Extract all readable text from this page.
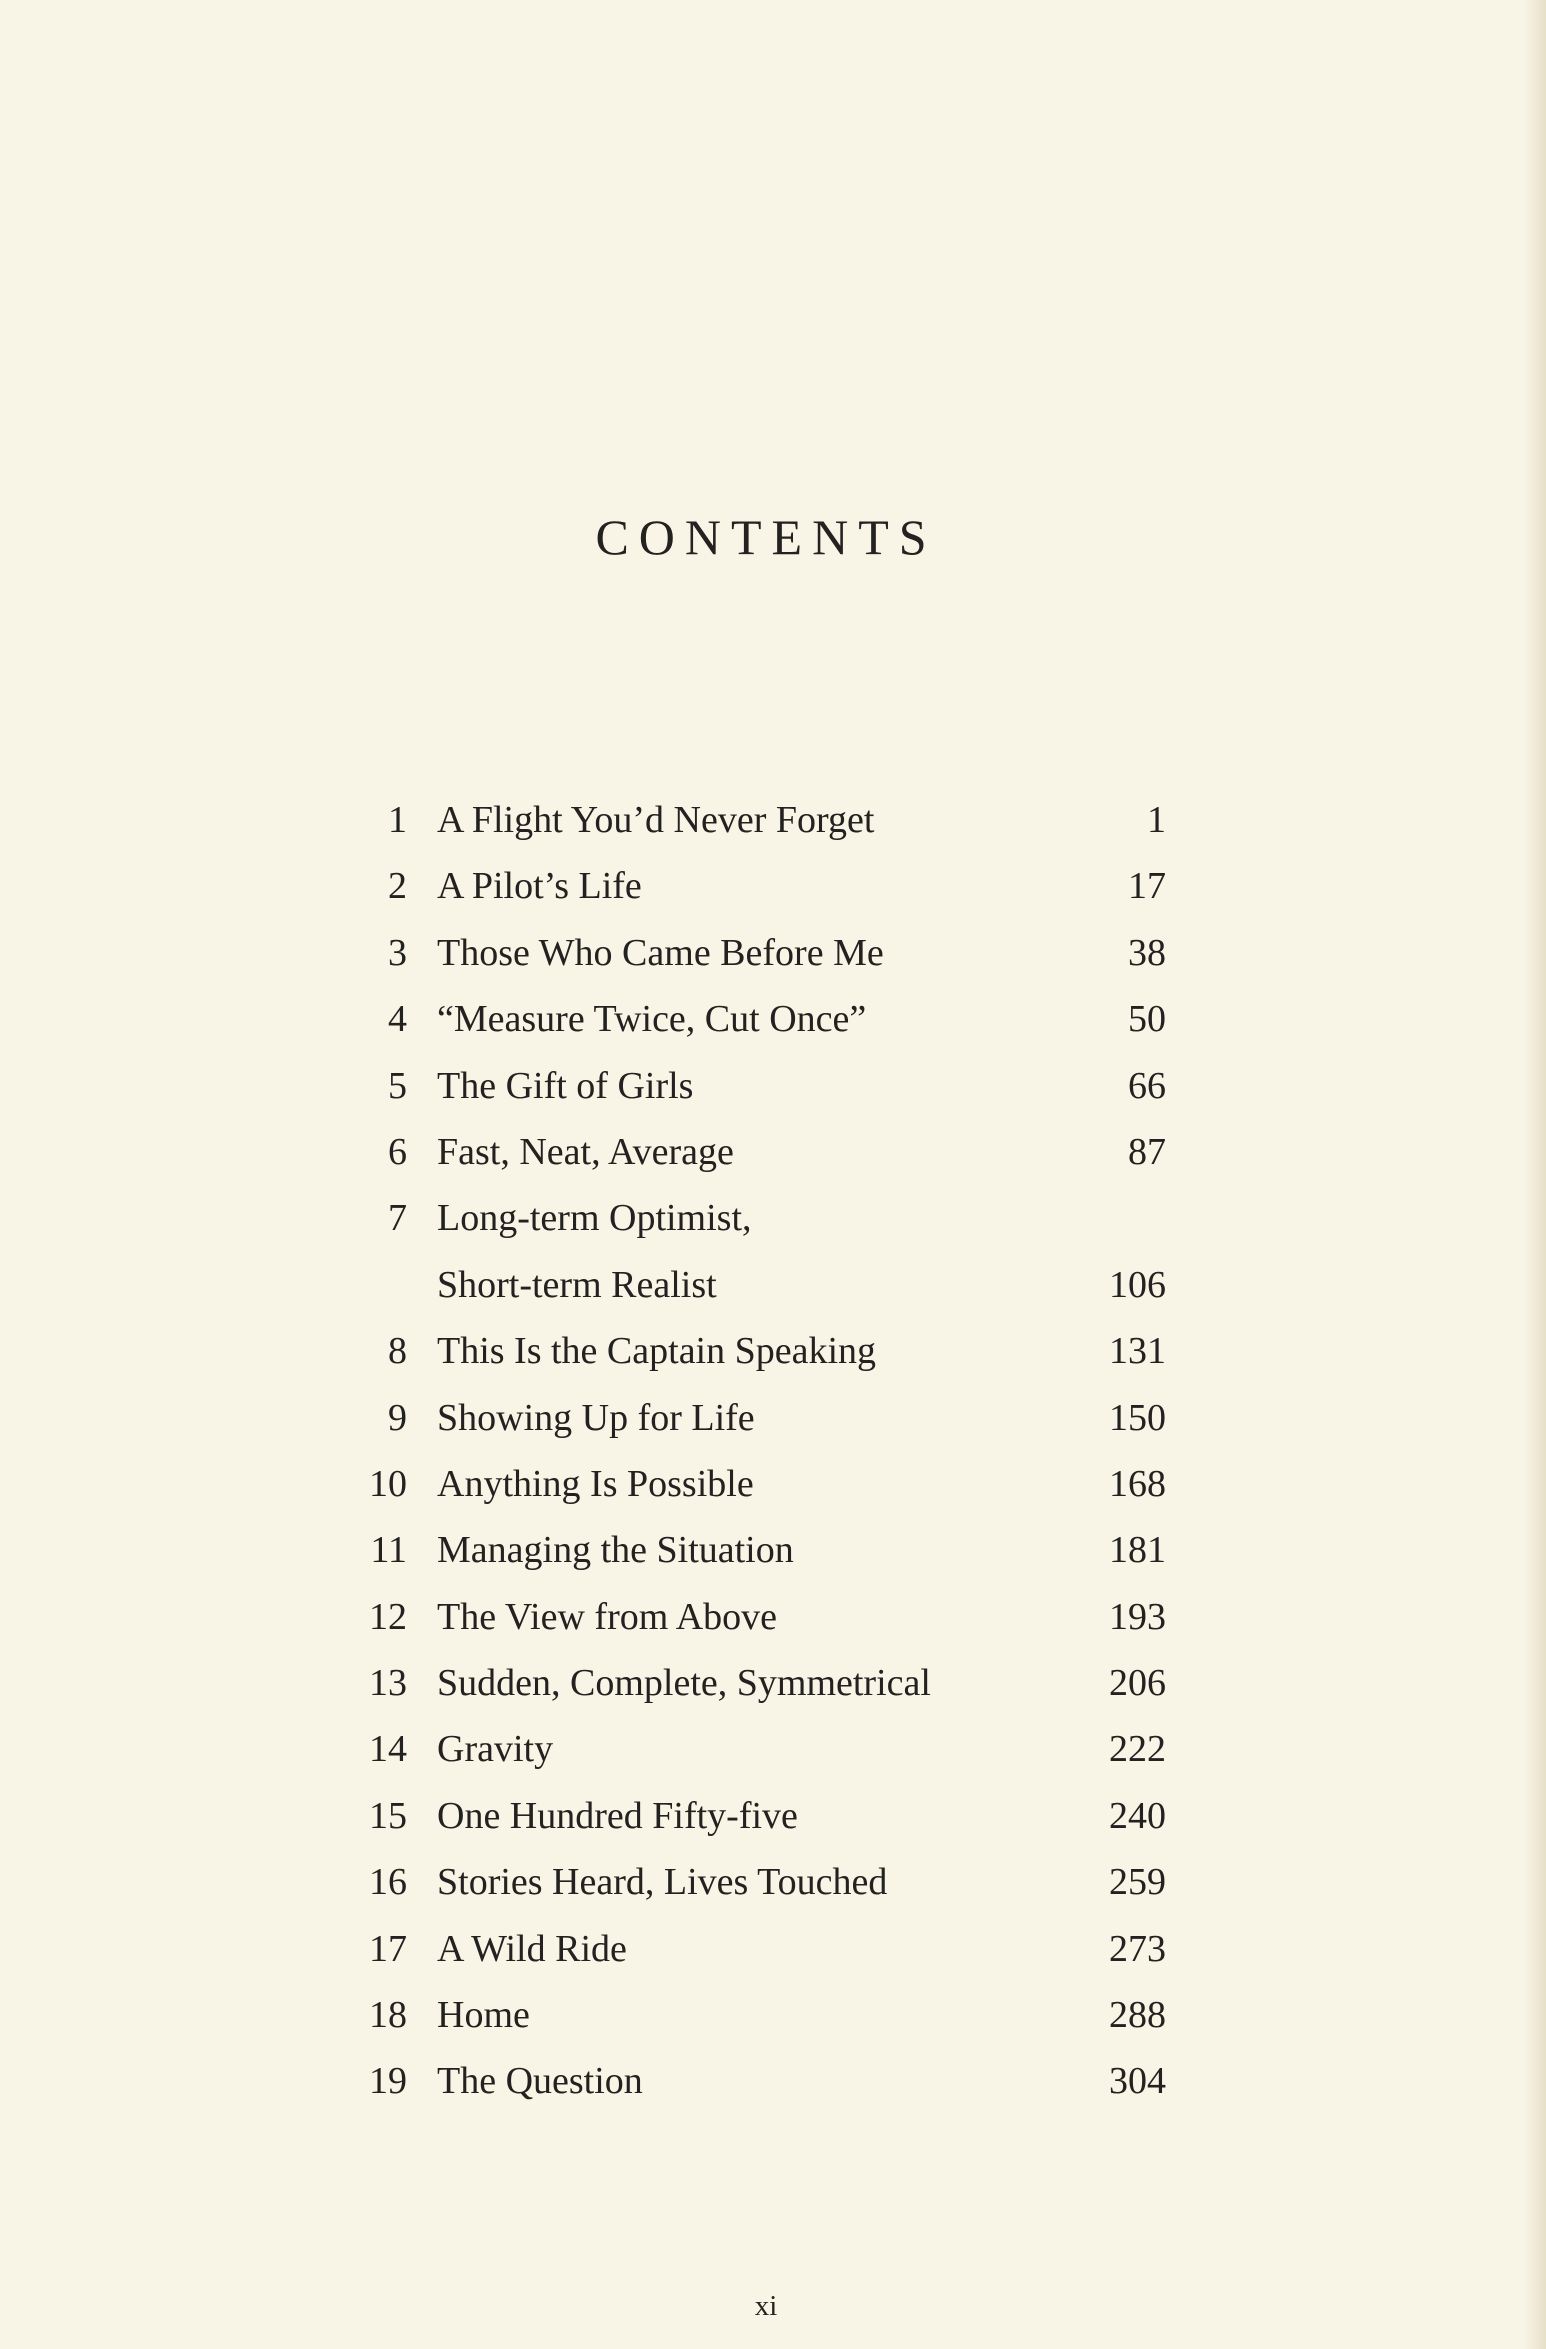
CONTENTS
1 A Flight You’d Never Forget	1
2 A Pilot’s Life	17
3 Those Who Came Before Me	38
4 “Measure Twice, Cut Once”	50
5 The Gift of Girls	66
6 Fast, Neat, Average	87
7 Long-term Optimist,
Short-term Realist	106
8 This Is the Captain Speaking	131
9 Showing Up for Life	150
10 Anything Is Possible	168
11 Managing the Situation	181
12 The View from Above	193
13 Sudden, Complete, Symmetrical	206
14 Gravity	222
15 One Hundred Fifty-five	240
16 Stories Heard, Lives Touched	259
17 A Wild Ride	273
18 Home	288
19 The Question	304
xi
